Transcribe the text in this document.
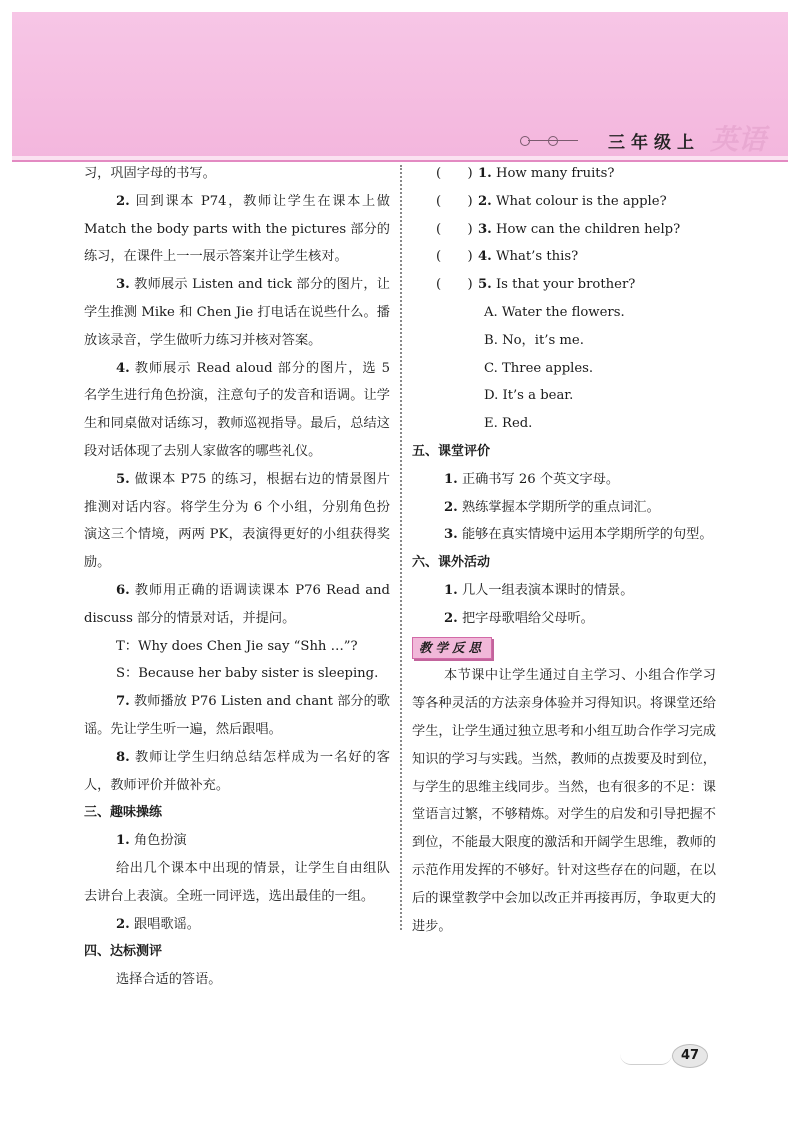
三年级上 英语

习，巩固字母的书写。

2. 回到课本 P74，教师让学生在课本上做 Match the body parts with the pictures 部分的练习，在课件上一一展示答案并让学生核对。

3. 教师展示 Listen and tick 部分的图片，让学生推测 Mike 和 Chen Jie 打电话在说些什么。播放该录音，学生做听力练习并核对答案。

4. 教师展示 Read aloud 部分的图片，选 5 名学生进行角色扮演，注意句子的发音和语调。让学生和同桌做对话练习，教师巡视指导。最后，总结这段对话体现了去别人家做客的哪些礼仪。

5. 做课本 P75 的练习，根据右边的情景图片推测对话内容。将学生分为 6 个小组，分别角色扮演这三个情境，两两 PK，表演得更好的小组获得奖励。

6. 教师用正确的语调读课本 P76 Read and discuss 部分的情景对话，并提问。

T：Why does Chen Jie say “Shh …”?

S：Because her baby sister is sleeping.

7. 教师播放 P76 Listen and chant 部分的歌谣。先让学生听一遍，然后跟唱。

8. 教师让学生归纳总结怎样成为一名好的客人，教师评价并做补充。

三、趣味操练

1. 角色扮演

给出几个课本中出现的情景，让学生自由组队去讲台上表演。全班一同评选，选出最佳的一组。

2. 跟唱歌谣。

四、达标测评

选择合适的答语。

(　　) 1. How many fruits?

(　　) 2. What colour is the apple?

(　　) 3. How can the children help?

(　　) 4. What’s this?

(　　) 5. Is that your brother?

A. Water the flowers.

B. No，it’s me.

C. Three apples.

D. It’s a bear.

E. Red.

五、课堂评价

1. 正确书写 26 个英文字母。

2. 熟练掌握本学期所学的重点词汇。

3. 能够在真实情境中运用本学期所学的句型。

六、课外活动

1. 几人一组表演本课时的情景。

2. 把字母歌唱给父母听。

教学反思

本节课中让学生通过自主学习、小组合作学习等各种灵活的方法亲身体验并习得知识。将课堂还给学生，让学生通过独立思考和小组互助合作学习完成知识的学习与实践。当然，教师的点拨要及时到位，与学生的思维主线同步。当然，也有很多的不足：课堂语言过繁，不够精炼。对学生的启发和引导把握不到位，不能最大限度的激活和开阔学生思维，教师的示范作用发挥的不够好。针对这些存在的问题，在以后的课堂教学中会加以改正并再接再厉，争取更大的进步。

47
